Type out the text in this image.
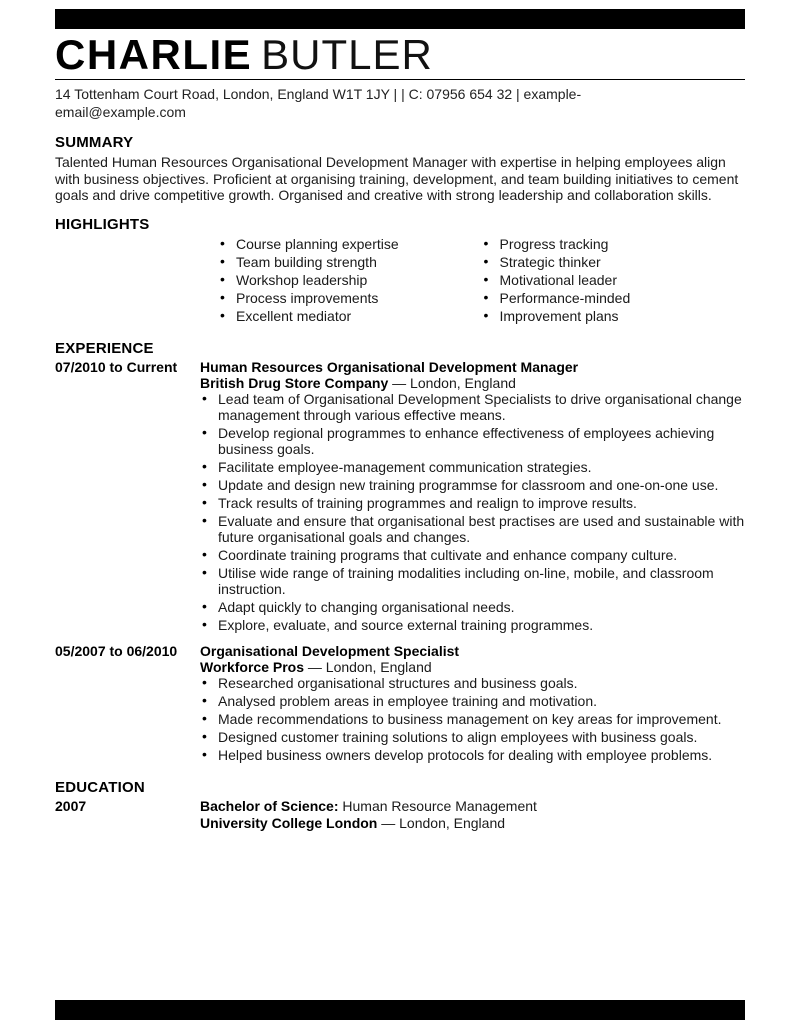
CHARLIE BUTLER
14 Tottenham Court Road, London, England W1T 1JY | | C: 07956 654 32 | example-
email@example.com
SUMMARY

Talented Human Resources Organisational Development Manager with expertise in helping employees align with business objectives. Proficient at organising training, development, and team building initiatives to cement goals and drive competitive growth. Organised and creative with strong leadership and collaboration skills.

HIGHLIGHTS
• Course planning expertise
• Team building strength
• Workshop leadership
• Process improvements
• Excellent mediator
• Progress tracking
• Strategic thinker
• Motivational leader
• Performance-minded
• Improvement plans
EXPERIENCE
07/2010 to Current	Human Resources Organisational Development Manager
British Drug Store Company — London, England
• Lead team of Organisational Development Specialists to drive organisational change management through various effective means.
• Develop regional programmes to enhance effectiveness of employees achieving business goals.
• Facilitate employee-management communication strategies.
• Update and design new training programmse for classroom and one-on-one use.
• Track results of training programmes and realign to improve results.
• Evaluate and ensure that organisational best practises are used and sustainable with future organisational goals and changes.
• Coordinate training programs that cultivate and enhance company culture.
• Utilise wide range of training modalities including on-line, mobile, and classroom instruction.
• Adapt quickly to changing organisational needs.
• Explore, evaluate, and source external training programmes.
05/2007 to 06/2010	Organisational Development Specialist
Workforce Pros — London, England
• Researched organisational structures and business goals.
• Analysed problem areas in employee training and motivation.
• Made recommendations to business management on key areas for improvement.
• Designed customer training solutions to align employees with business goals.
• Helped business owners develop protocols for dealing with employee problems.
EDUCATION
2007	Bachelor of Science: Human Resource Management
University College London — London, England
